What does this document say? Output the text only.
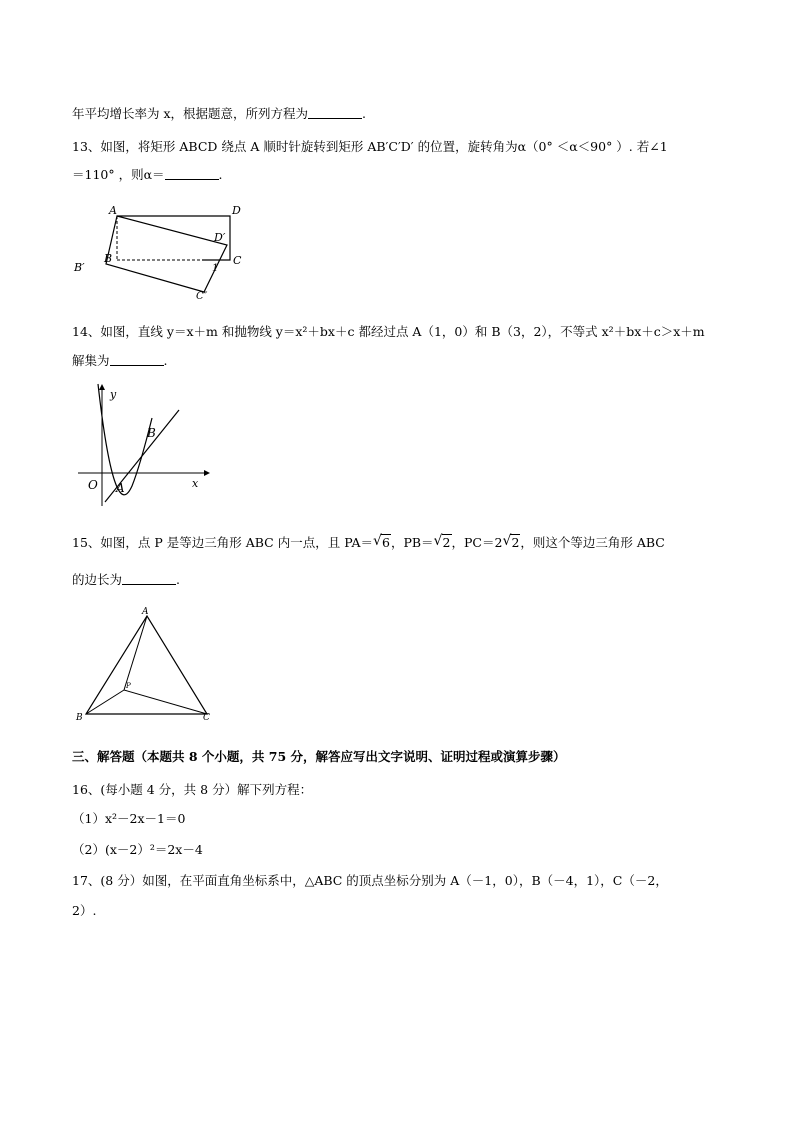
年平均增长率为 x，根据题意，所列方程为	.
13、如图，将矩形 ABCD 绕点 A 顺时针旋转到矩形 AB′C′D′ 的位置，旋转角为α（0° ＜α＜90° ）. 若∠1
＝110° ，则α＝	.
A	D
D′
B
B′
C
C″
1
14、如图，直线 y＝x＋m 和抛物线 y＝x²＋bx＋c 都经过点 A（1，0）和 B（3，2），不等式 x²＋bx＋c＞x＋m
解集为	.
y
x
O A
B
15、如图，点 P 是等边三角形 ABC 内一点，且 PA＝ √ 6，PB＝ √ 2，PC＝2 √ 2，则这个等边三角形 ABC
的边长为	.
A
B	C
P
三、解答题（本题共 8 个小题，共 75 分，解答应写出文字说明、证明过程或演算步骤）
16、(每小题 4 分，共 8 分）解下列方程：
（1）x²－2x－1＝0
（2）(x－2）²＝2x－4
17、(8 分）如图，在平面直角坐标系中，△ABC 的顶点坐标分别为 A（－1，0），B（－4，1），C（－2，
2）.
